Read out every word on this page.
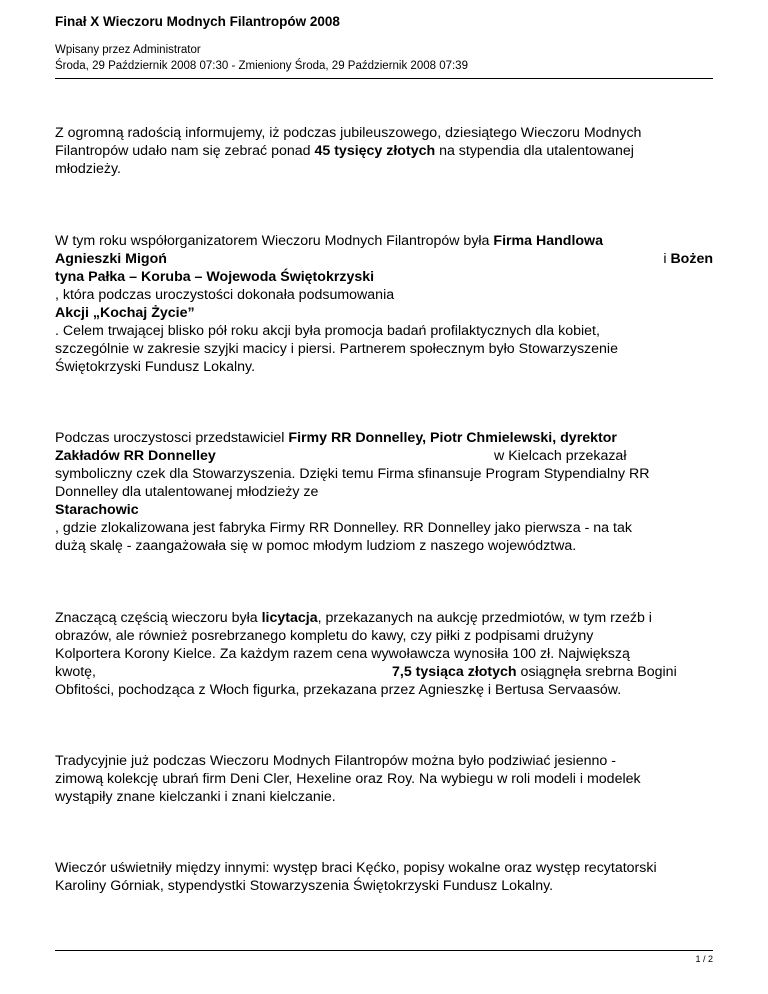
Finał X Wieczoru Modnych Filantropów 2008
Wpisany przez Administrator
Środa, 29 Październik 2008 07:30 - Zmieniony Środa, 29 Październik 2008 07:39
Z ogromną radością informujemy, iż podczas jubileuszowego, dziesiątego Wieczoru Modnych
Filantropów udało nam się zebrać ponad 45 tysięcy złotych na stypendia dla utalentowanej
młodzieży.
W tym roku współorganizatorem Wieczoru Modnych Filantropów była Firma Handlowa
Agnieszki Migoń	i Bożen
tyna Pałka – Koruba – Wojewoda Świętokrzyski
, która podczas uroczystości dokonała podsumowania
Akcji „Kochaj Życie”
. Celem trwającej blisko pół roku akcji była promocja badań profilaktycznych dla kobiet,
szczególnie w zakresie szyjki macicy i piersi. Partnerem społecznym było Stowarzyszenie
Świętokrzyski Fundusz Lokalny.
Podczas uroczystosci przedstawiciel Firmy RR Donnelley, Piotr Chmielewski, dyrektor
Zakładów RR Donnelley	w Kielcach przekazał
symboliczny czek dla Stowarzyszenia. Dzięki temu Firma sfinansuje Program Stypendialny RR
Donnelley dla utalentowanej młodzieży ze
Starachowic
, gdzie zlokalizowana jest fabryka Firmy RR Donnelley. RR Donnelley jako pierwsza - na tak
dużą skalę - zaangażowała się w pomoc młodym ludziom z naszego województwa.
Znaczącą częścią wieczoru była licytacja, przekazanych na aukcję przedmiotów, w tym rzeźb i
obrazów, ale również posrebrzanego kompletu do kawy, czy piłki z podpisami drużyny
Kolportera Korony Kielce. Za każdym razem cena wywoławcza wynosiła 100 zł. Największą
kwotę,	7,5 tysiąca złotych osiągnęła srebrna Bogini
Obfitości, pochodząca z Włoch figurka, przekazana przez Agnieszkę i Bertusa Servaasów.
Tradycyjnie już podczas Wieczoru Modnych Filantropów można było podziwiać jesienno -
zimową kolekcję ubrań firm Deni Cler, Hexeline oraz Roy. Na wybiegu w roli modeli i modelek
wystąpiły znane kielczanki i znani kielczanie.
Wieczór uświetniły między innymi: występ braci Kęćko, popisy wokalne oraz występ recytatorski
Karoliny Górniak, stypendystki Stowarzyszenia Świętokrzyski Fundusz Lokalny.
1 / 2
